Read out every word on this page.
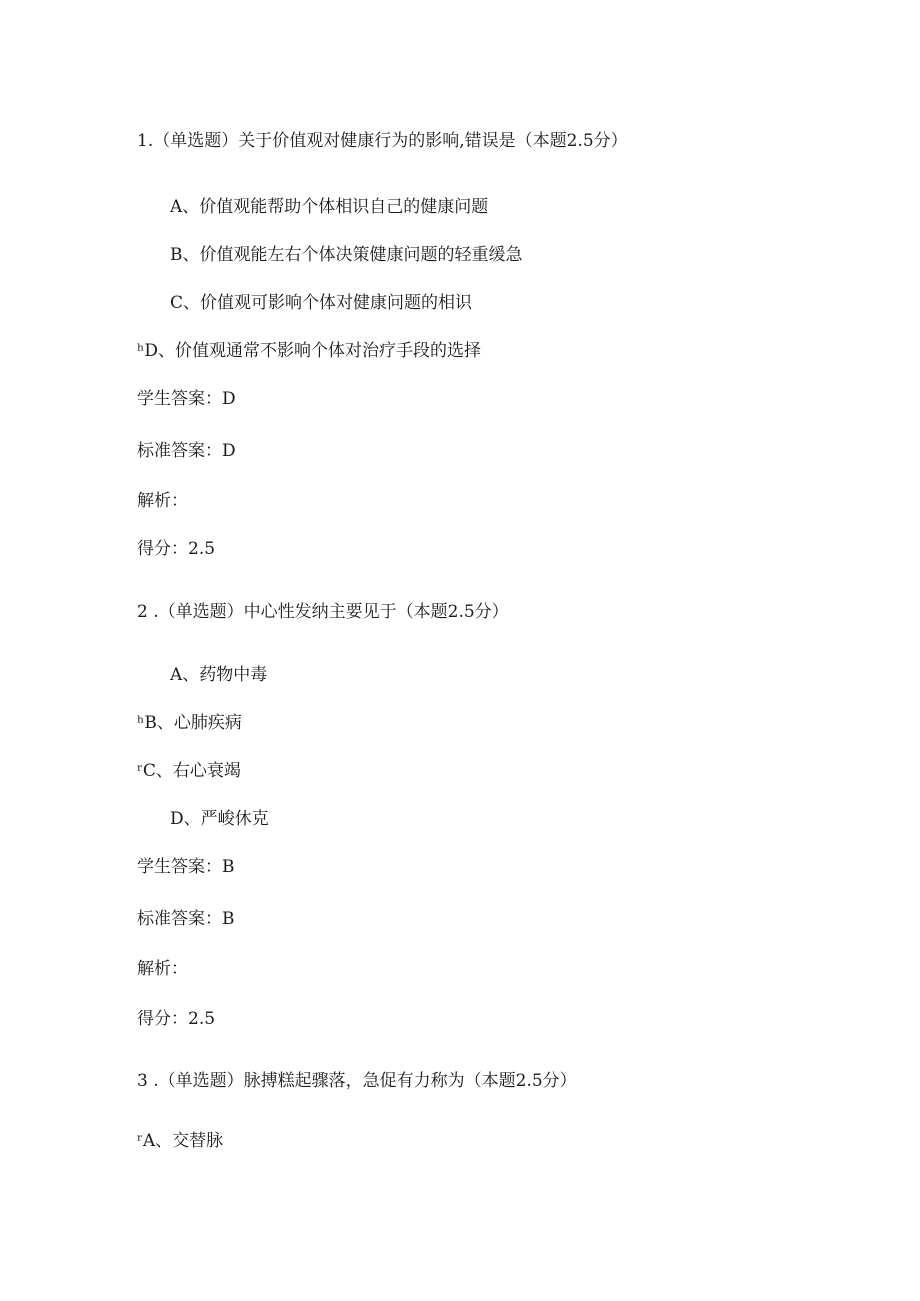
1.（单选题）关于价值观对健康行为的影响,错误是（本题2.5分）
A、价值观能帮助个体相识自己的健康问题
B、价值观能左右个体决策健康问题的轻重缓急
C、价值观可影响个体对健康问题的相识
ʰD、价值观通常不影响个体对治疗手段的选择
学生答案：D
标准答案：D
解析：
得分：2.5
2 .（单选题）中心性发纳主要见于（本题2.5分）
A、药物中毒
ʰB、心肺疾病
ʳC、右心衰竭
D、严峻休克
学生答案：B
标准答案：B
解析：
得分：2.5
3 .（单选题）脉搏糕起骤落，急促有力称为（本题2.5分）
ʳA、交替脉
